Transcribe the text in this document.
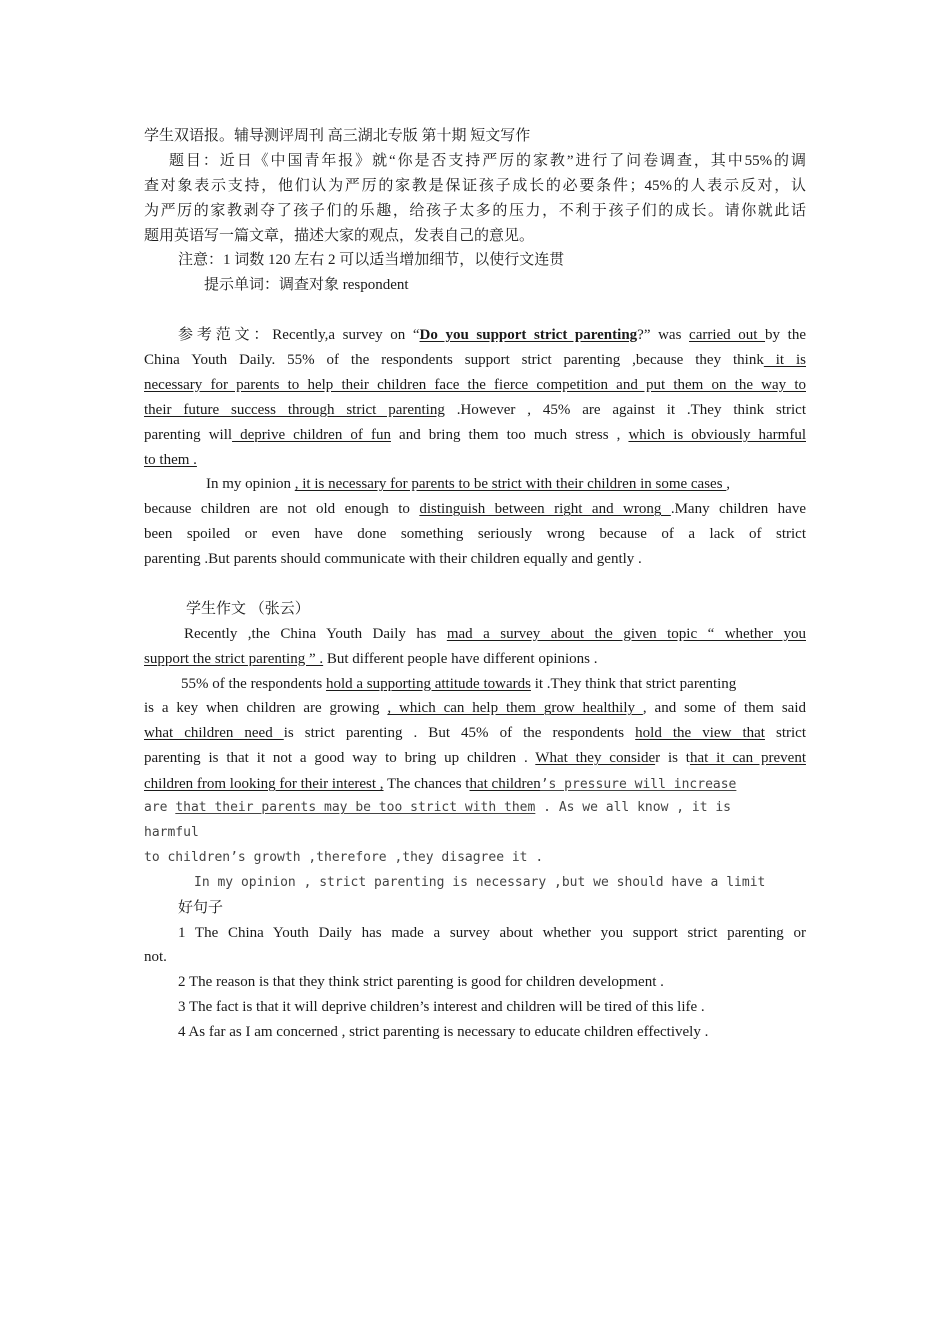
学生双语报。辅导测评周刊 高三湖北专版 第十期 短文写作
题目：近日《中国青年报》就“你是否支持严厉的家教”进行了问卷调查，其中55%的调
查对象表示支持，他们认为严厉的家教是保证孩子成长的必要条件；45%的人表示反对，认
为严厉的家教剥夺了孩子们的乐趣，给孩子太多的压力，不利于孩子们的成长。请你就此话
题用英语写一篇文章，描述大家的观点，发表自己的意见。
注意：1 词数 120 左右 2 可以适当增加细节，以使行文连贯
提示单词：调查对象 respondent
参考范文：Recently,a survey on “Do you support strict parenting?” was carried out by the
China Youth Daily. 55% of the respondents support strict parenting ,because they think it is
necessary for parents to help their children face the fierce competition and put them on the way to
their future success through strict parenting .However , 45% are against it .They think strict
parenting will deprive children of fun and bring them too much stress , which is obviously harmful
to them .
In my opinion , it is necessary for parents to be strict with their children in some cases ,
because children are not old enough to distinguish between right and wrong .Many children have
been spoiled or even have done something seriously wrong because of a lack of strict
parenting .But parents should communicate with their children equally and gently .
学生作文 （张云）
Recently ,the China Youth Daily has mad a survey about the given topic “ whether you
support the strict parenting ” . But different people have different opinions .
55% of the respondents hold a supporting attitude towards it .They think that strict parenting
is a key when children are growing , which can help them grow healthily , and some of them said
what children need is strict parenting . But 45% of the respondents hold the view that strict
parenting is that it not a good way to bring up children . What they consider is that it can prevent
children from looking for their interest , The chances that children’s pressure will increase
are that their parents may be too strict with them . As we all know , it is
harmful
to children’s growth ,therefore ,they disagree it .
In my opinion , strict parenting is necessary ,but we should have a limit
好句子
1 The China Youth Daily has made a survey about whether you support strict parenting or
not.
2 The reason is that they think strict parenting is good for children development .
3 The fact is that it will deprive children’s interest and children will be tired of this life .
4 As far as I am concerned , strict parenting is necessary to educate children effectively .
